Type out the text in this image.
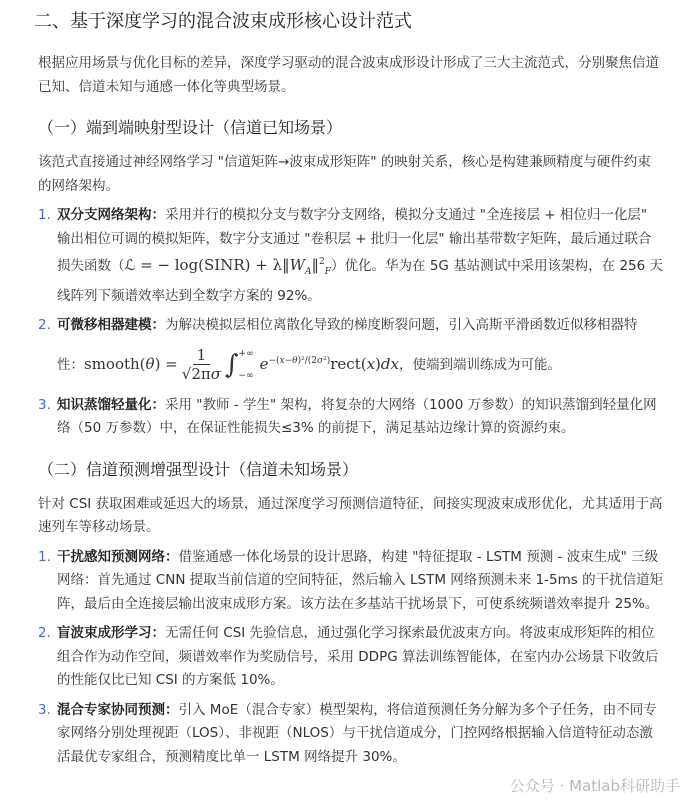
二、基于深度学习的混合波束成形核心设计范式

根据应用场景与优化目标的差异，深度学习驱动的混合波束成形设计形成了三大主流范式，分别聚焦信道已知、信道未知与通感一体化等典型场景。

（一）端到端映射型设计（信道已知场景）

该范式直接通过神经网络学习 "信道矩阵→波束成形矩阵" 的映射关系，核心是构建兼顾精度与硬件约束的网络架构。

1. 双分支网络架构：采用并行的模拟分支与数字分支网络，模拟分支通过 "全连接层 + 相位归一化层" 输出相位可调的模拟矩阵，数字分支通过 "卷积层 + 批归一化层" 输出基带数字矩阵，最后通过联合损失函数（ℒ = − log(SINR) + $\lambda‖W_A‖^2_F$）优化。华为在 5G 基站测试中采用该架构，在 256 天线阵列下频谱效率达到全数字方案的 92%。
2. 可微移相器建模：为解决模拟层相位离散化导致的梯度断裂问题，引入高斯平滑函数近似移相器特性：smooth(θ) = $\frac{1}{√2\pi\sigma}$ ∫ +∞
−∞
$e^{-(x-\theta)^2/(2\sigma^2)}rect(x)dx$，使端到端训练成为可能。
3. 知识蒸馏轻量化：采用 "教师 - 学生" 架构，将复杂的大网络（1000 万参数）的知识蒸馏到轻量化网络（50 万参数）中，在保证性能损失≤3% 的前提下，满足基站边缘计算的资源约束。
（二）信道预测增强型设计（信道未知场景）

针对 CSI 获取困难或延迟大的场景，通过深度学习预测信道特征，间接实现波束成形优化，尤其适用于高速列车等移动场景。

1. 干扰感知预测网络：借鉴通感一体化场景的设计思路，构建 "特征提取 - LSTM 预测 - 波束生成" 三级网络：首先通过 CNN 提取当前信道的空间特征，然后输入 LSTM 网络预测未来 1-5ms 的干扰信道矩阵，最后由全连接层输出波束成形方案。该方法在多基站干扰场景下，可使系统频谱效率提升 25%。
2. 盲波束成形学习：无需任何 CSI 先验信息，通过强化学习探索最优波束方向。将波束成形矩阵的相位组合作为动作空间，频谱效率作为奖励信号，采用 DDPG 算法训练智能体，在室内办公场景下收敛后的性能仅比已知 CSI 的方案低 10%。
3. 混合专家协同预测：引入 MoE（混合专家）模型架构，将信道预测任务分解为多个子任务，由不同专家网络分别处理视距（LOS）、非视距（NLOS）与干扰信道成分，门控网络根据输入信道特征动态激活最优专家组合，预测精度比单一 LSTM 网络提升 30%。
公众号 · Matlab科研助手
